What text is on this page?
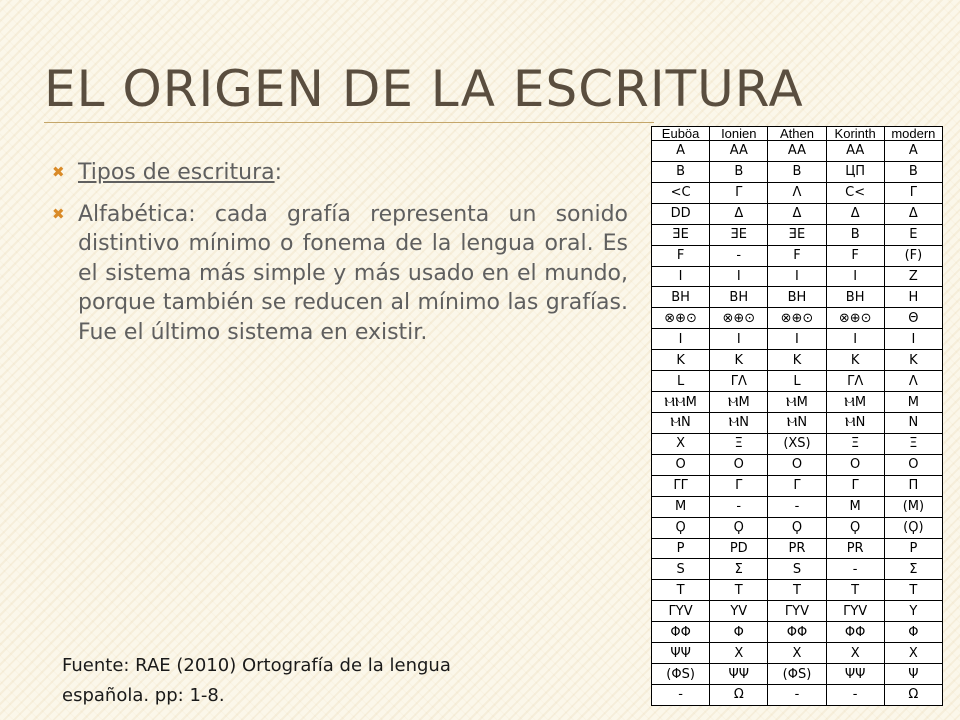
EL ORIGEN DE LA ESCRITURA

✖ Tipos de escritura:

✖ Alfabética: cada grafía representa un sonido distintivo mínimo o fonema de la lengua oral. Es el sistema más simple y más usado en el mundo, porque también se reducen al mínimo las grafías. Fue el último sistema en existir.

Fuente: RAE (2010) Ortografía de la lengua española. pp: 1-8.
Euböa	Ionien	Athen	Korinth	modern
A	AA	AA	AA	A
B	B	B	ЦП	B
<C	Γ	Λ	C<	Γ
DD	Δ	Δ	Δ	Δ
ƎE	ƎE	ƎE	B	E
F	-	F	F	(F)
I	I	I	I	Z
BH	BH	BH	BH	H
⊗⊕⊙	⊗⊕⊙	⊗⊕⊙	⊗⊕⊙	Θ
I	I	I	I	I
K	K	K	K	K
L	ΓΛ	L	ΓΛ	Λ
ⲘⲘM	ⲘM	ⲘM	ⲘM	M
ⲘN	ⲘN	ⲘN	ⲘN	N
X	Ξ	(XS)	Ξ	Ξ
O	O	O	O	O
ΓΓ	Γ	Γ	Γ	Π
M	-	-	M	(M)
Ϙ	Ϙ	Ϙ	Ϙ	(Ϙ)
P	PD	PR	PR	P
S	Σ	S	-	Σ
T	T	T	T	T
ΓYV	YV	ΓYV	ΓYV	Y
ΦΦ	Φ	ΦΦ	ΦΦ	Φ
ΨΨ	X	X	X	X
(ΦS)	ΨΨ	(ΦS)	ΨΨ	Ψ
-	Ω	-	-	Ω
